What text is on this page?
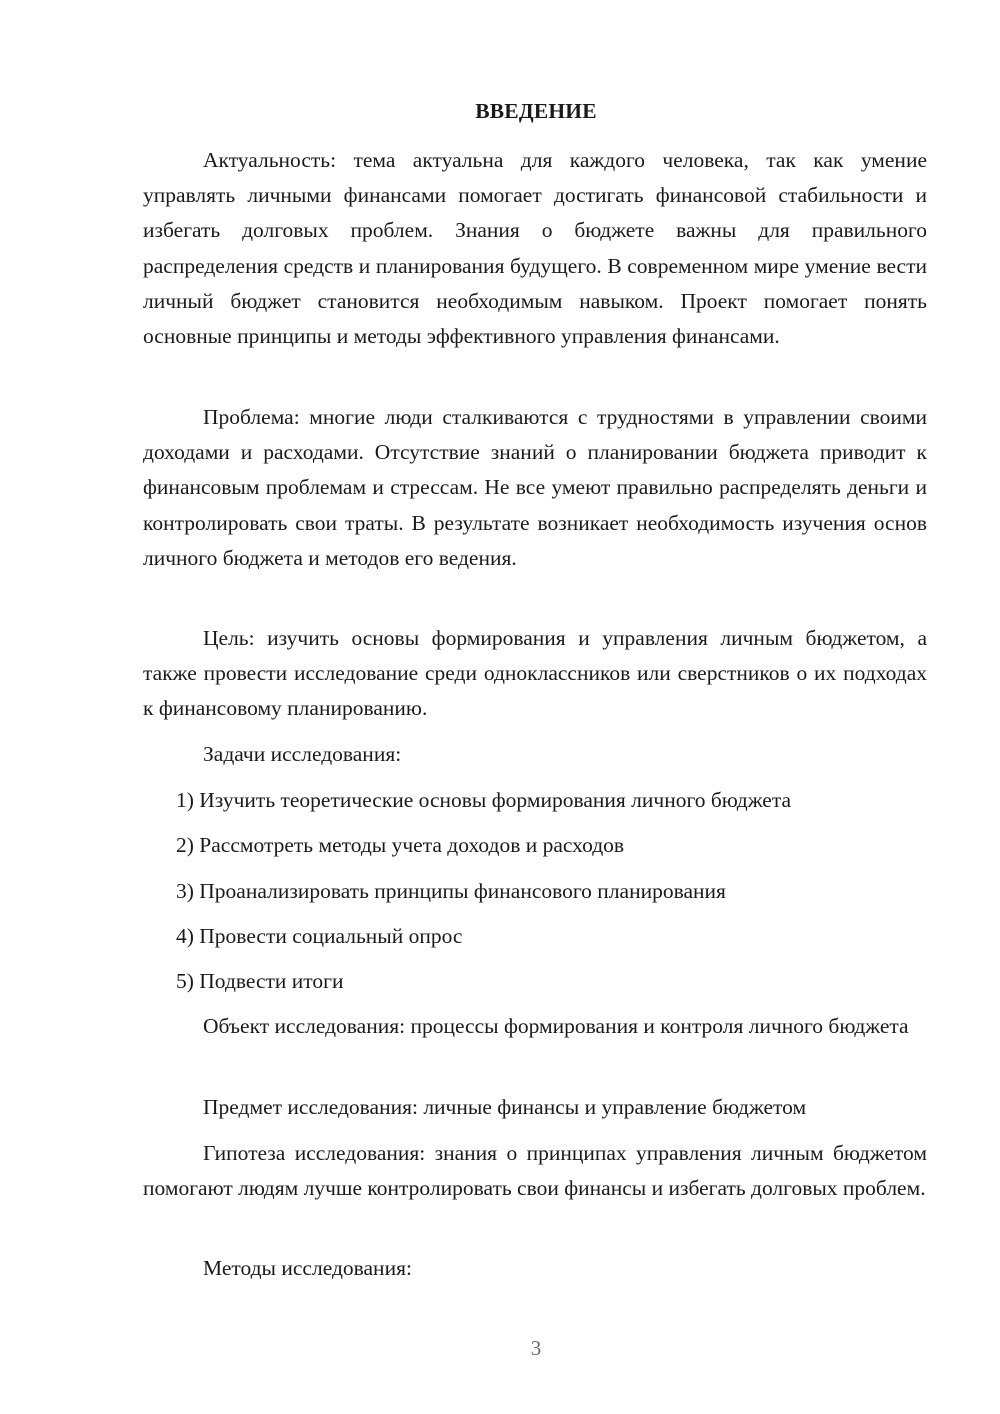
ВВЕДЕНИЕ

Актуальность: тема актуальна для каждого человека, так как умение управлять личными финансами помогает достигать финансовой стабильности и избегать долговых проблем. Знания о бюджете важны для правильного распределения средств и планирования будущего. В современном мире умение вести личный бюджет становится необходимым навыком. Проект помогает понять основные принципы и методы эффективного управления финансами.

Проблема: многие люди сталкиваются с трудностями в управлении своими доходами и расходами. Отсутствие знаний о планировании бюджета приводит к финансовым проблемам и стрессам. Не все умеют правильно распределять деньги и контролировать свои траты. В результате возникает необходимость изучения основ личного бюджета и методов его ведения.

Цель: изучить основы формирования и управления личным бюджетом, а также провести исследование среди одноклассников или сверстников о их подходах к финансовому планированию.

Задачи исследования:

1) Изучить теоретические основы формирования личного бюджета

2) Рассмотреть методы учета доходов и расходов

3) Проанализировать принципы финансового планирования

4) Провести социальный опрос

5) Подвести итоги

Объект исследования: процессы формирования и контроля личного бюджета

Предмет исследования: личные финансы и управление бюджетом

Гипотеза исследования: знания о принципах управления личным бюджетом помогают людям лучше контролировать свои финансы и избегать долговых проблем.

Методы исследования:

3
